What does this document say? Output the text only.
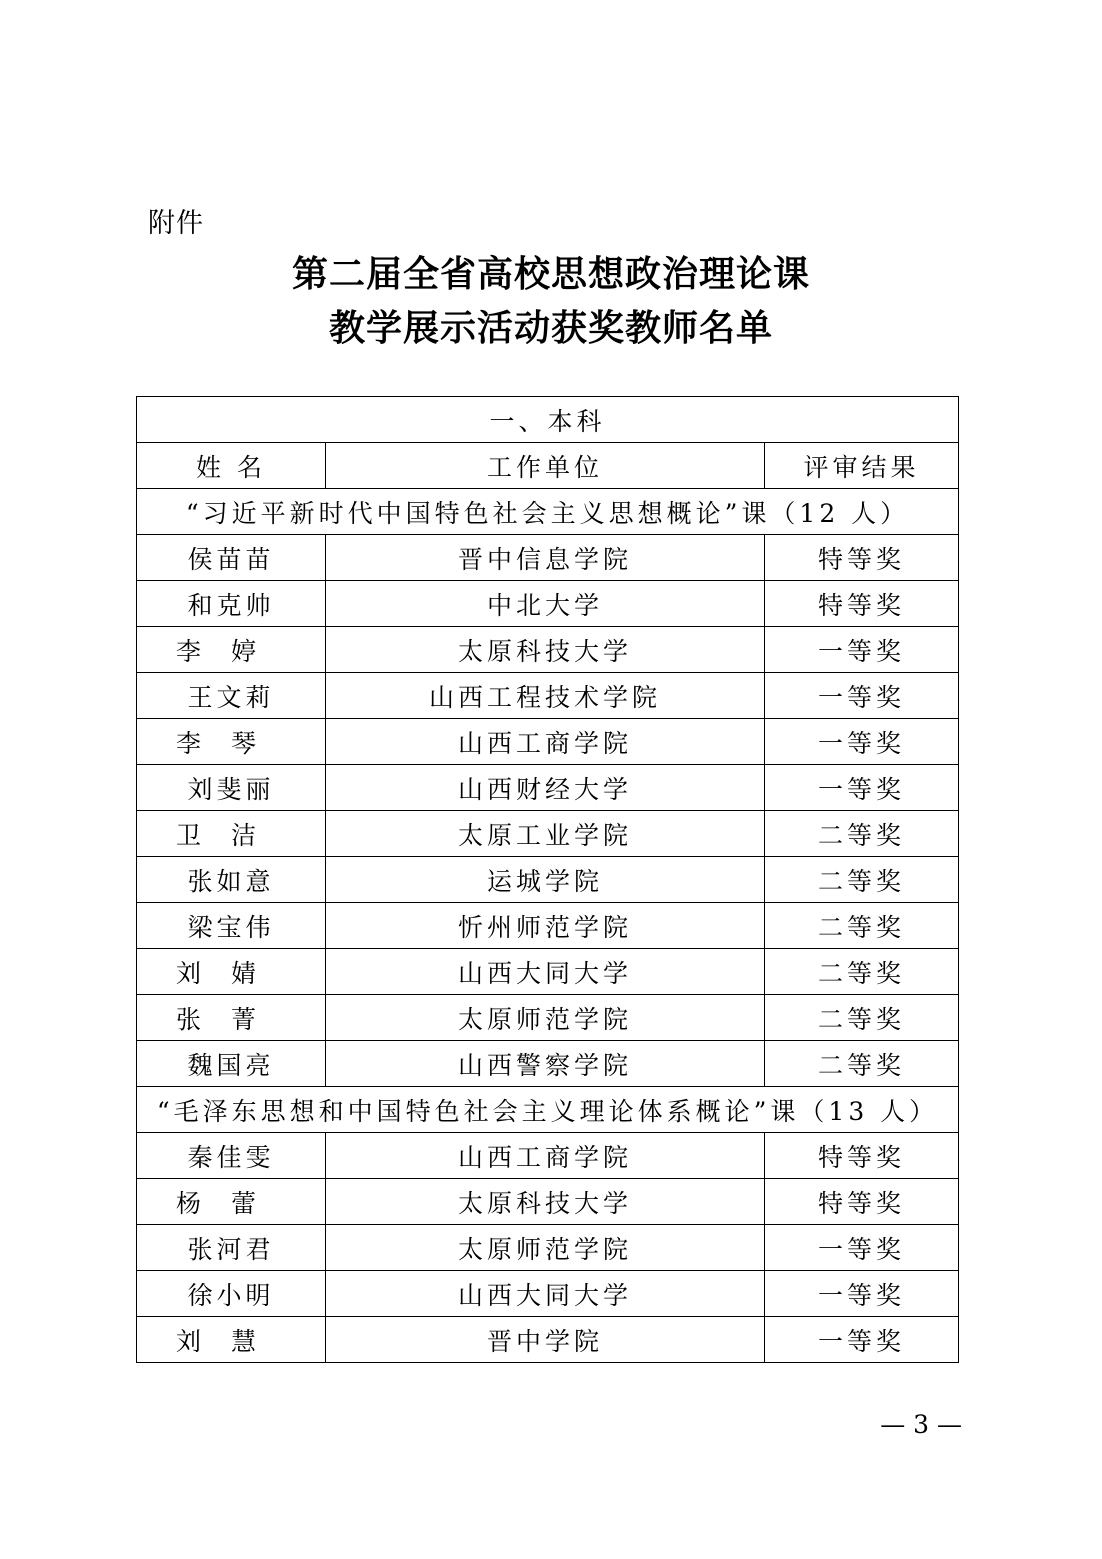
附件
第二届全省高校思想政治理论课
教学展示活动获奖教师名单
一、本科		
姓 名	工作单位	评审结果
“习近平新时代中国特色社会主义思想概论”课（12 人）		
侯苗苗	晋中信息学院	特等奖
和克帅	中北大学	特等奖
李婷	太原科技大学	一等奖
王文莉	山西工程技术学院	一等奖
李琴	山西工商学院	一等奖
刘斐丽	山西财经大学	一等奖
卫洁	太原工业学院	二等奖
张如意	运城学院	二等奖
梁宝伟	忻州师范学院	二等奖
刘婧	山西大同大学	二等奖
张菁	太原师范学院	二等奖
魏国亮	山西警察学院	二等奖
“毛泽东思想和中国特色社会主义理论体系概论”课（13 人）		
秦佳雯	山西工商学院	特等奖
杨蕾	太原科技大学	特等奖
张河君	太原师范学院	一等奖
徐小明	山西大同大学	一等奖
刘慧	晋中学院	一等奖
— 3 —
